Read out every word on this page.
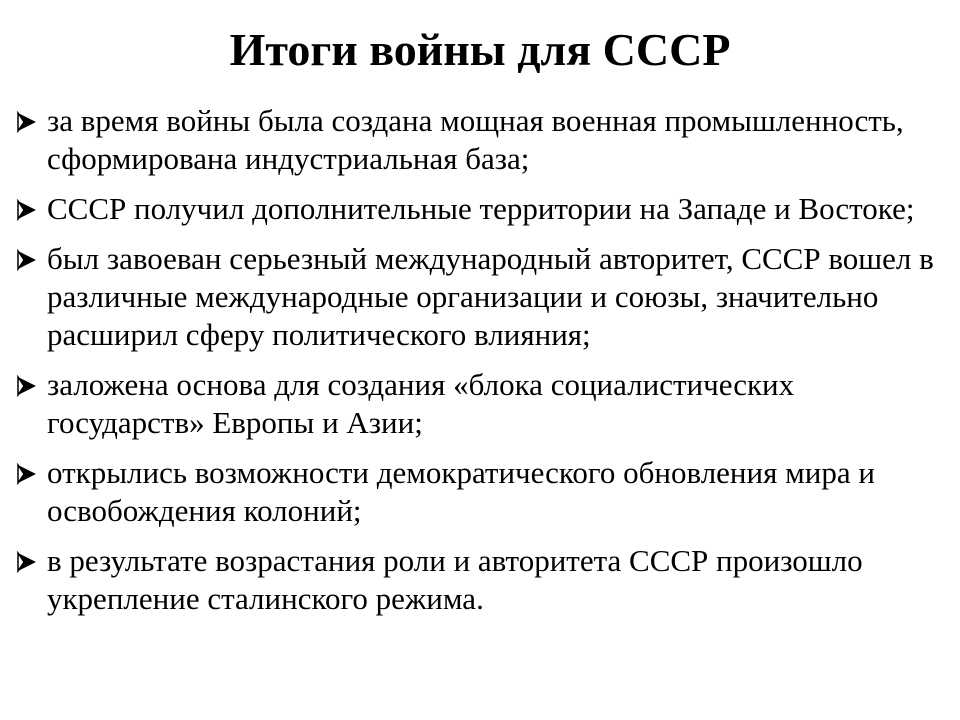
Итоги войны для СССР
за время войны была создана мощная военная промышленность, сформирована индустриальная база;
СССР получил дополнительные территории на Западе и Востоке;
был завоеван серьезный международный авторитет, СССР вошел в различные международные организации и союзы, значительно расширил сферу политического влияния;
заложена основа для создания «блока социалистических государств» Европы и Азии;
открылись возможности демократического обновления мира и освобождения колоний;
в результате возрастания роли и авторитета СССР произошло укрепление сталинского режима.
